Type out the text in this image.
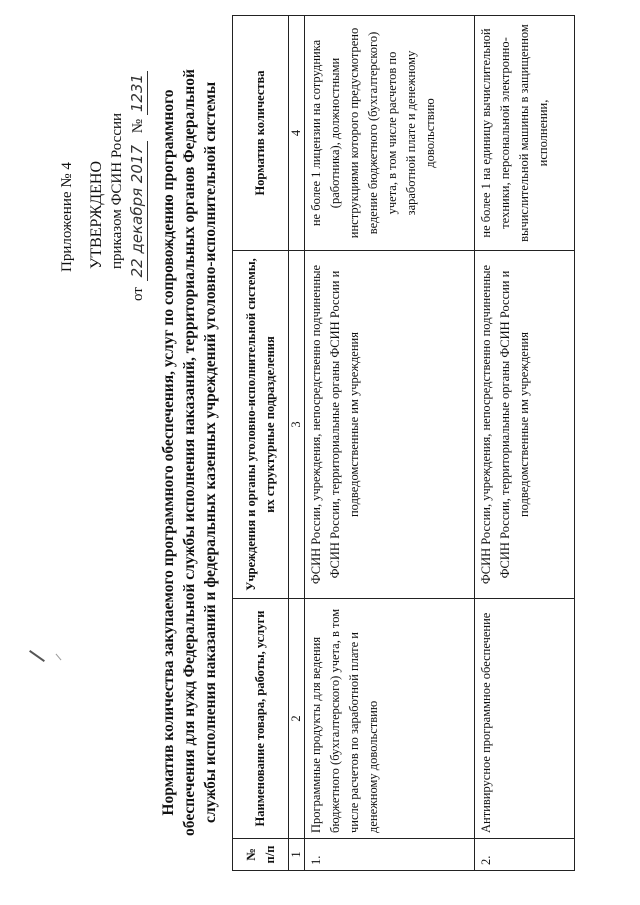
Приложение № 4 УТВЕРЖДЕНО приказом ФСИН России
от 22 декабря 2017 № 1231 Норматив количества закупаемого программного обеспечения, услуг по сопровождению программного обеспечения для нужд Федеральной службы исполнения наказаний, территориальных органов Федеральной службы исполнения наказаний и федеральных казенных учреждений уголовно-исполнительной системы
№ п/п	Наименование товара, работы, услуги	Учреждения и органы уголовно-исполнительной системы, их структурные подразделения	Норматив количества
1	2	3	4
1.	Программные продукты для ведения бюджетного (бухгалтерского) учета, в том числе расчетов по заработной плате и денежному довольствию	ФСИН России, учреждения, непосредственно подчиненные ФСИН России, территориальные органы ФСИН России и подведомственные им учреждения	не более 1 лицензии на сотрудника (работника), должностными инструкциями которого предусмотрено ведение бюджетного (бухгалтерского) учета, в том числе расчетов по заработной плате и денежному довольствию
2.	Антивирусное программное обеспечение	ФСИН России, учреждения, непосредственно подчиненные ФСИН России, территориальные органы ФСИН России и подведомственные им учреждения	не более 1 на единицу вычислительной техники, персональной электронно-вычислительной машины в защищенном исполнении,
